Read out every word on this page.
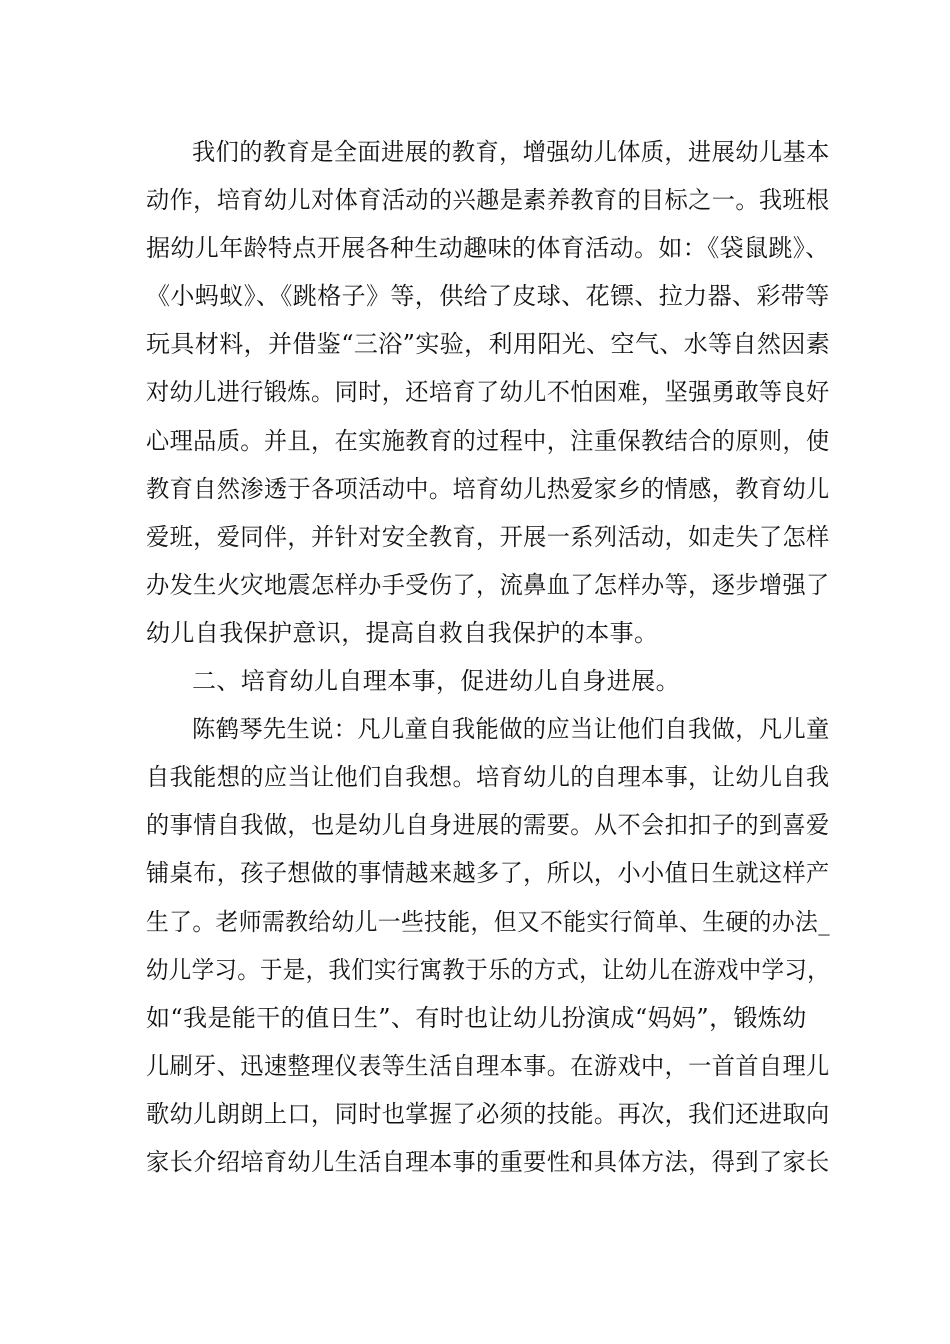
我们的教育是全面进展的教育，增强幼儿体质，进展幼儿基本
动作，培育幼儿对体育活动的兴趣是素养教育的目标之一。我班根
据幼儿年龄特点开展各种生动趣味的体育活动。如：《袋鼠跳》、
《小蚂蚁》、《跳格子》等，供给了皮球、花镖、拉力器、彩带等
玩具材料，并借鉴“三浴”实验，利用阳光、空气、水等自然因素
对幼儿进行锻炼。同时，还培育了幼儿不怕困难，坚强勇敢等良好
心理品质。并且，在实施教育的过程中，注重保教结合的原则，使
教育自然渗透于各项活动中。培育幼儿热爱家乡的情感，教育幼儿
爱班，爱同伴，并针对安全教育，开展一系列活动，如走失了怎样
办发生火灾地震怎样办手受伤了，流鼻血了怎样办等，逐步增强了
幼儿自我保护意识，提高自救自我保护的本事。
二、培育幼儿自理本事，促进幼儿自身进展。
陈鹤琴先生说：凡儿童自我能做的应当让他们自我做，凡儿童
自我能想的应当让他们自我想。培育幼儿的自理本事，让幼儿自我
的事情自我做，也是幼儿自身进展的需要。从不会扣扣子的到喜爱
铺桌布，孩子想做的事情越来越多了，所以，小小值日生就这样产
生了。老师需教给幼儿一些技能，但又不能实行简单、生硬的办法_
幼儿学习。于是，我们实行寓教于乐的方式，让幼儿在游戏中学习，
如“我是能干的值日生”、有时也让幼儿扮演成“妈妈”，锻炼幼
儿刷牙、迅速整理仪表等生活自理本事。在游戏中，一首首自理儿
歌幼儿朗朗上口，同时也掌握了必须的技能。再次，我们还进取向
家长介绍培育幼儿生活自理本事的重要性和具体方法，得到了家长
